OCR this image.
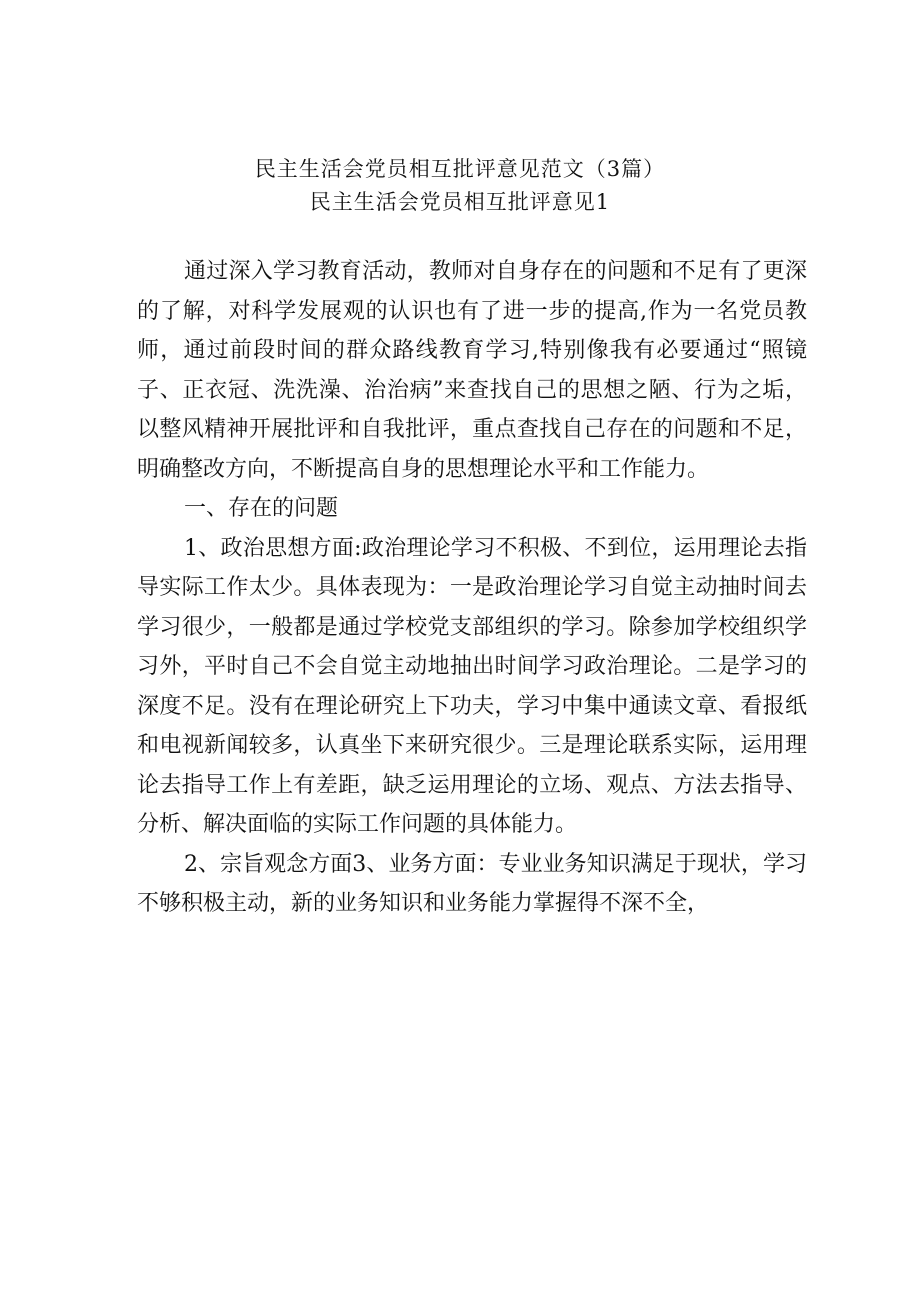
民主生活会党员相互批评意见范文（3篇）
民主生活会党员相互批评意见1

通过深入学习教育活动，教师对自身存在的问题和不足有了更深的了解，对科学发展观的认识也有了进一步的提高,作为一名党员教师，通过前段时间的群众路线教育学习,特别像我有必要通过“照镜子、正衣冠、洗洗澡、治治病”来查找自己的思想之陋、行为之垢，以整风精神开展批评和自我批评，重点查找自己存在的问题和不足，明确整改方向，不断提高自身的思想理论水平和工作能力。

一、存在的问题

1、政治思想方面:政治理论学习不积极、不到位，运用理论去指导实际工作太少。具体表现为：一是政治理论学习自觉主动抽时间去学习很少，一般都是通过学校党支部组织的学习。除参加学校组织学习外，平时自己不会自觉主动地抽出时间学习政治理论。二是学习的深度不足。没有在理论研究上下功夫，学习中集中通读文章、看报纸和电视新闻较多，认真坐下来研究很少。三是理论联系实际，运用理论去指导工作上有差距，缺乏运用理论的立场、观点、方法去指导、分析、解决面临的实际工作问题的具体能力。

2、宗旨观念方面3、业务方面：专业业务知识满足于现状，学习不够积极主动，新的业务知识和业务能力掌握得不深不全，
